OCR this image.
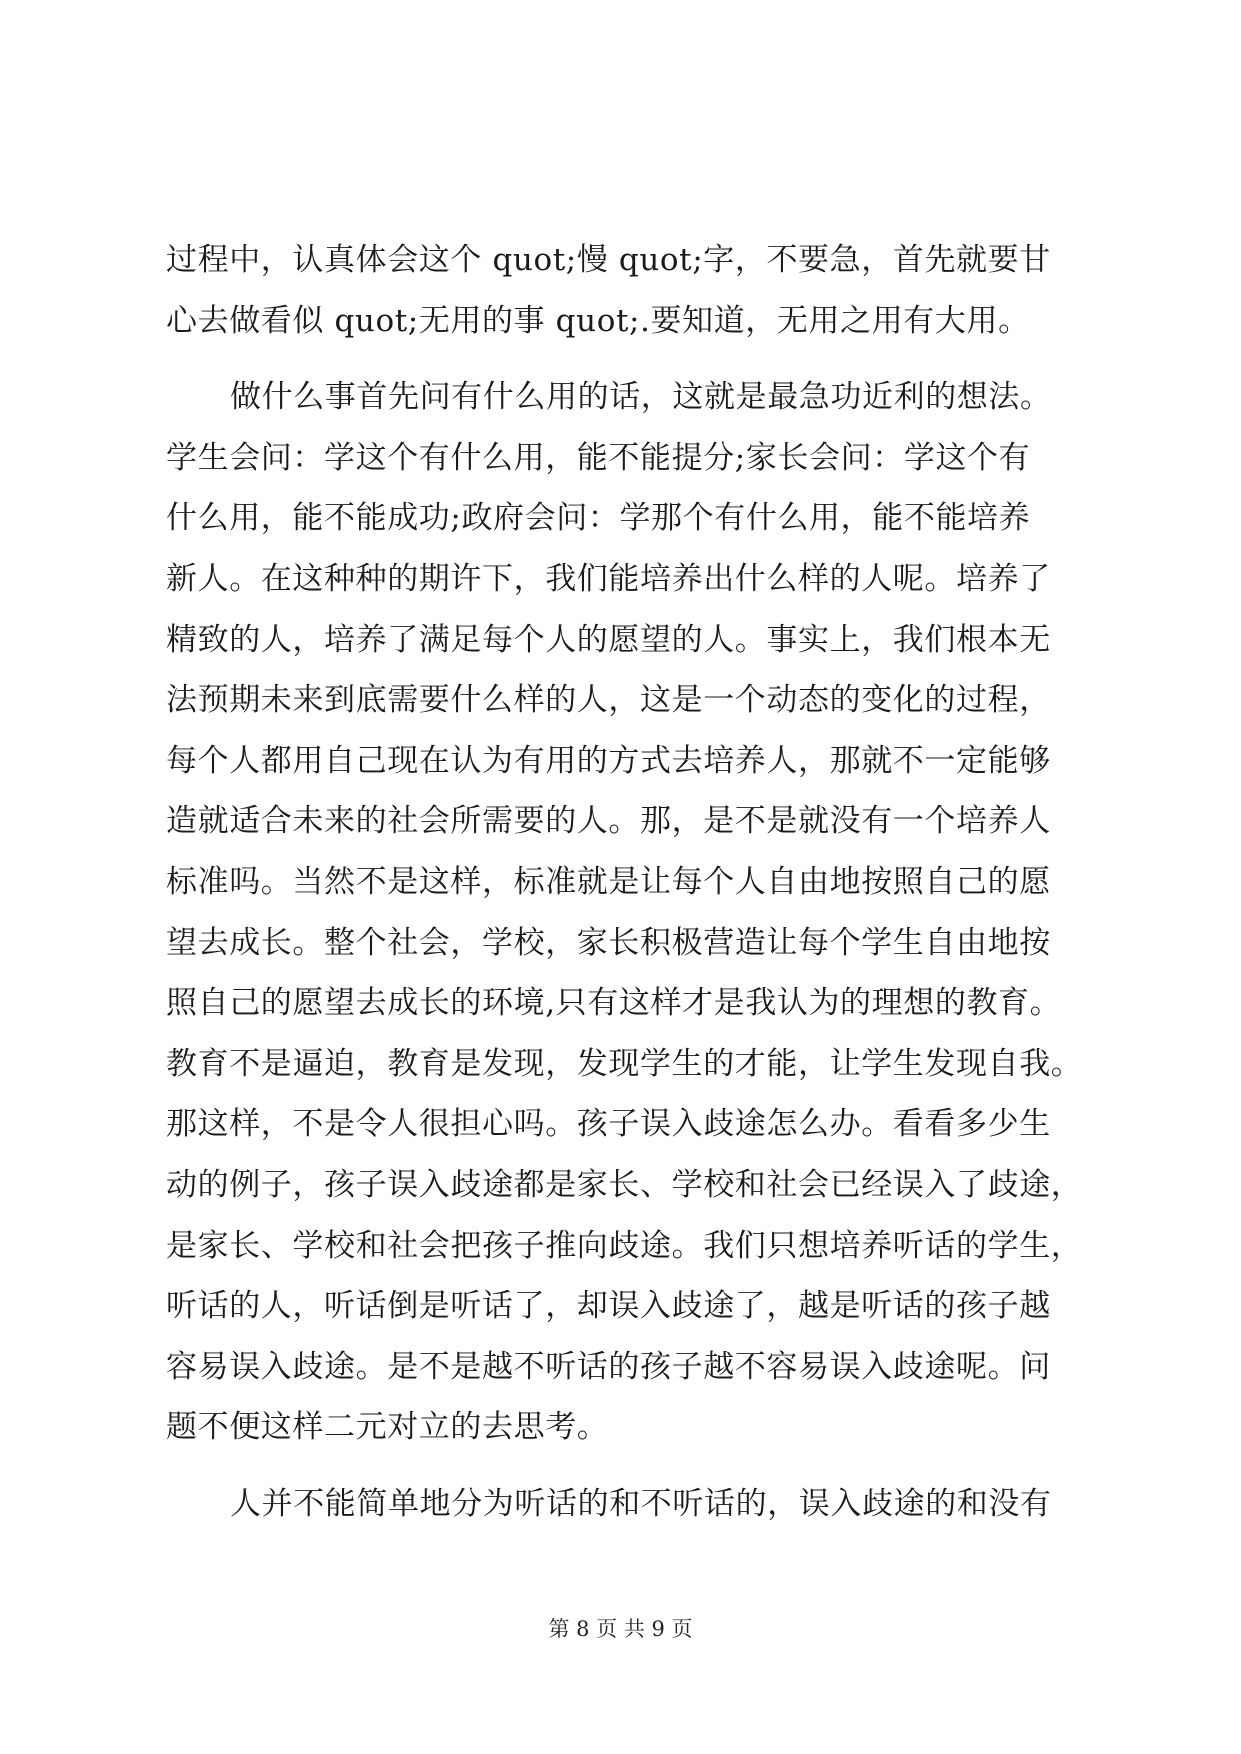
过程中，认真体会这个 quot;慢 quot;字，不要急，首先就要甘
心去做看似 quot;无用的事 quot;.要知道，无用之用有大用。
做什么事首先问有什么用的话，这就是最急功近利的想法。
学生会问：学这个有什么用，能不能提分;家长会问：学这个有
什么用，能不能成功;政府会问：学那个有什么用，能不能培养
新人。在这种种的期许下，我们能培养出什么样的人呢。培养了
精致的人，培养了满足每个人的愿望的人。事实上，我们根本无
法预期未来到底需要什么样的人，这是一个动态的变化的过程，
每个人都用自己现在认为有用的方式去培养人，那就不一定能够
造就适合未来的社会所需要的人。那，是不是就没有一个培养人
标准吗。当然不是这样，标准就是让每个人自由地按照自己的愿
望去成长。整个社会，学校，家长积极营造让每个学生自由地按
照自己的愿望去成长的环境,只有这样才是我认为的理想的教育。
教育不是逼迫，教育是发现，发现学生的才能，让学生发现自我。
那这样，不是令人很担心吗。孩子误入歧途怎么办。看看多少生
动的例子，孩子误入歧途都是家长、学校和社会已经误入了歧途，
是家长、学校和社会把孩子推向歧途。我们只想培养听话的学生，
听话的人，听话倒是听话了，却误入歧途了，越是听话的孩子越
容易误入歧途。是不是越不听话的孩子越不容易误入歧途呢。问
题不便这样二元对立的去思考。
人并不能简单地分为听话的和不听话的，误入歧途的和没有
第 8 页 共 9 页
